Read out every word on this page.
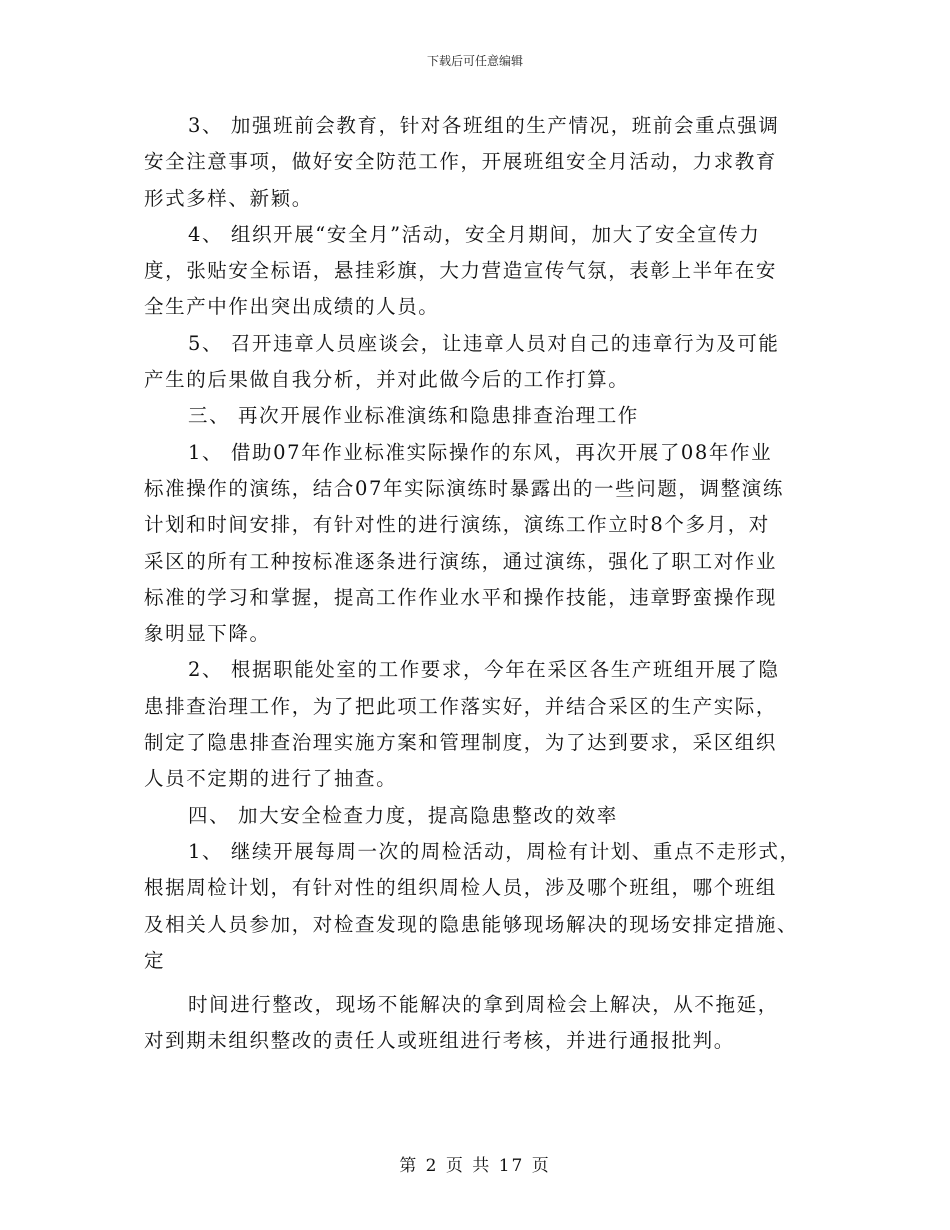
下载后可任意编辑
3、 加强班前会教育，针对各班组的生产情况，班前会重点强调
安全注意事项，做好安全防范工作，开展班组安全月活动，力求教育
形式多样、新颖。
4、 组织开展“安全月”活动，安全月期间，加大了安全宣传力
度，张贴安全标语，悬挂彩旗，大力营造宣传气氛，表彰上半年在安
全生产中作出突出成绩的人员。
5、 召开违章人员座谈会，让违章人员对自己的违章行为及可能
产生的后果做自我分析，并对此做今后的工作打算。
三、 再次开展作业标准演练和隐患排查治理工作
1、 借助07年作业标准实际操作的东风，再次开展了08年作业
标准操作的演练，结合07年实际演练时暴露出的一些问题，调整演练
计划和时间安排，有针对性的进行演练，演练工作立时8个多月，对
采区的所有工种按标准逐条进行演练，通过演练，强化了职工对作业
标准的学习和掌握，提高工作作业水平和操作技能，违章野蛮操作现
象明显下降。
2、 根据职能处室的工作要求，今年在采区各生产班组开展了隐
患排查治理工作，为了把此项工作落实好，并结合采区的生产实际，
制定了隐患排查治理实施方案和管理制度，为了达到要求，采区组织
人员不定期的进行了抽查。
四、 加大安全检查力度，提高隐患整改的效率
1、 继续开展每周一次的周检活动，周检有计划、重点不走形式，
根据周检计划，有针对性的组织周检人员，涉及哪个班组，哪个班组
及相关人员参加，对检查发现的隐患能够现场解决的现场安排定措施、
定
时间进行整改，现场不能解决的拿到周检会上解决，从不拖延，
对到期未组织整改的责任人或班组进行考核，并进行通报批判。
第 2 页 共 17 页
